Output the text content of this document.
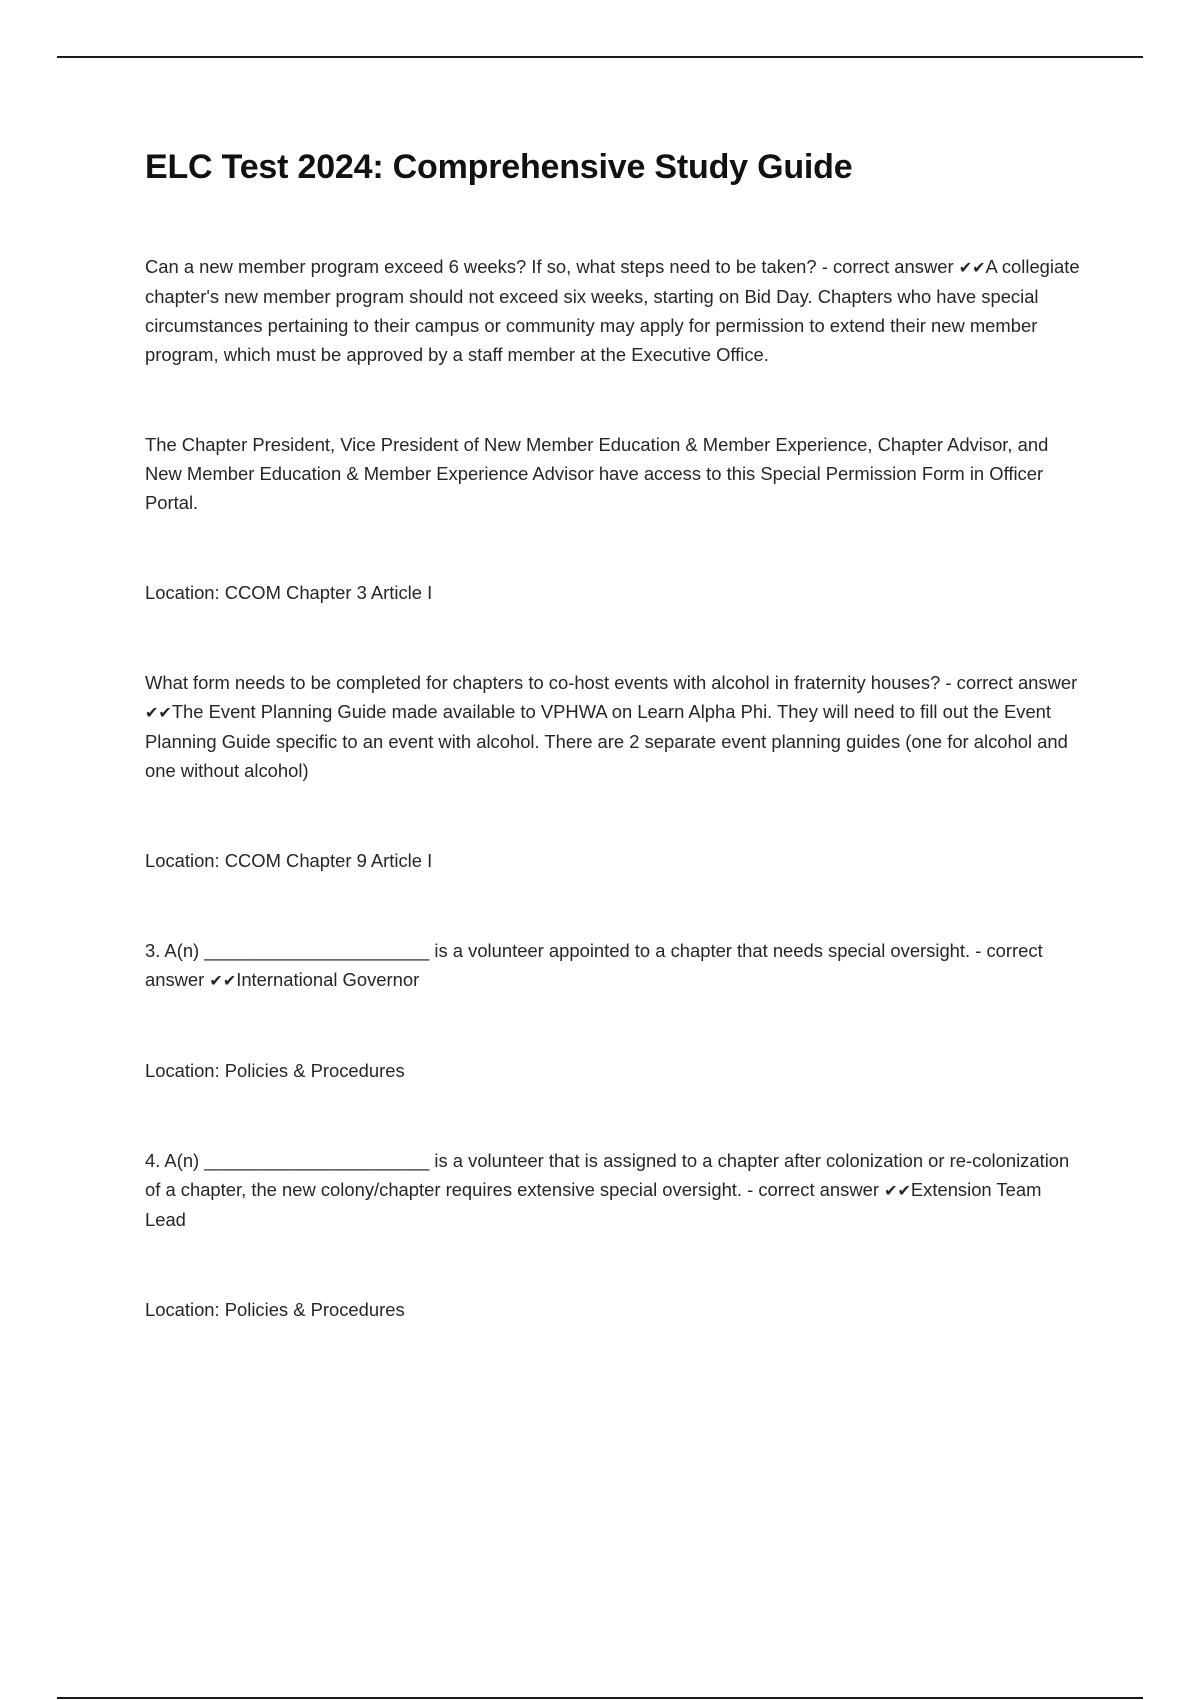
ELC Test 2024: Comprehensive Study Guide

Can a new member program exceed 6 weeks? If so, what steps need to be taken? - correct answer ✔✔A collegiate chapter's new member program should not exceed six weeks, starting on Bid Day. Chapters who have special circumstances pertaining to their campus or community may apply for permission to extend their new member program, which must be approved by a staff member at the Executive Office.

The Chapter President, Vice President of New Member Education & Member Experience, Chapter Advisor, and New Member Education & Member Experience Advisor have access to this Special Permission Form in Officer Portal.

Location: CCOM Chapter 3 Article I

What form needs to be completed for chapters to co-host events with alcohol in fraternity houses? - correct answer ✔✔The Event Planning Guide made available to VPHWA on Learn Alpha Phi. They will need to fill out the Event Planning Guide specific to an event with alcohol. There are 2 separate event planning guides (one for alcohol and one without alcohol)

Location: CCOM Chapter 9 Article I

3. A(n) ______________________ is a volunteer appointed to a chapter that needs special oversight. - correct answer ✔✔International Governor

Location: Policies & Procedures

4. A(n) ______________________ is a volunteer that is assigned to a chapter after colonization or re-colonization of a chapter, the new colony/chapter requires extensive special oversight. - correct answer ✔✔Extension Team Lead

Location: Policies & Procedures
